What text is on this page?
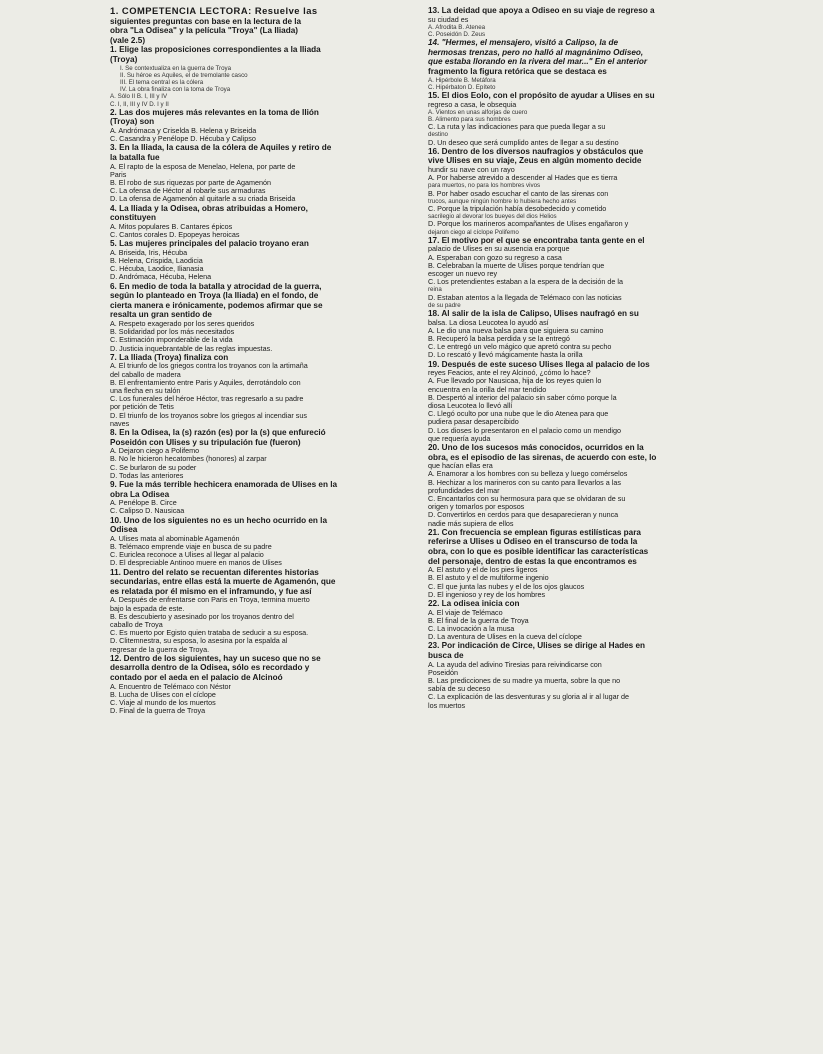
1. COMPETENCIA LECTORA: Resuelve las
siguientes preguntas con base en la lectura de la
obra "La Odisea" y la película "Troya" (La Iliada)
(vale 2.5)
1. Elige las proposiciones correspondientes a la Iliada
(Troya)
I. Se contextualiza en la guerra de Troya
II. Su héroe es Aquiles, el de tremolante casco
III. El tema central es la cólera
IV. La obra finaliza con la toma de Troya
A. Sólo II B. I, III y IV
C. I, II, III y IV D. I y II
2. Las dos mujeres más relevantes en la toma de Ilión
(Troya) son
A. Andrómaca y Criselda B. Helena y Briseida
C. Casandra y Penélope D. Hécuba y Calipso
3. En la Iliada, la causa de la cólera de Aquiles y retiro de
la batalla fue
A. El rapto de la esposa de Menelao, Helena, por parte de
Paris
B. El robo de sus riquezas por parte de Agamenón
C. La ofensa de Héctor al robarle sus armaduras
D. La ofensa de Agamenón al quitarle a su criada Briseida
4. La Iliada y la Odisea, obras atribuidas a Homero,
constituyen
A. Mitos populares B. Cantares épicos
C. Cantos corales D. Epopeyas heroicas
5. Las mujeres principales del palacio troyano eran
A. Briseida, Iris, Hécuba
B. Helena, Crispida, Laodicia
C. Hécuba, Laodice, Ilianasia
D. Andrómaca, Hécuba, Helena
6. En medio de toda la batalla y atrocidad de la guerra,
según lo planteado en Troya (la Iliada) en el fondo, de
cierta manera e irónicamente, podemos afirmar que se
resalta un gran sentido de
A. Respeto exagerado por los seres queridos
B. Solidaridad por los más necesitados
C. Estimación imponderable de la vida
D. Justicia inquebrantable de las reglas impuestas.
7. La Iliada (Troya) finaliza con
A. El triunfo de los griegos contra los troyanos con la artimaña
del caballo de madera
B. El enfrentamiento entre Paris y Aquiles, derrotándolo con
una flecha en su talón
C. Los funerales del héroe Héctor, tras regresarlo a su padre
por petición de Tetis
D. El triunfo de los troyanos sobre los griegos al incendiar sus
naves
8. En la Odisea, la (s) razón (es) por la (s) que enfureció
Poseidón con Ulises y su tripulación fue (fueron)
A. Dejaron ciego a Polifemo
B. No le hicieron hecatombes (honores) al zarpar
C. Se burlaron de su poder
D. Todas las anteriores
9. Fue la más terrible hechicera enamorada de Ulises en la
obra La Odisea
A. Penélope B. Circe
C. Calipso D. Nausicaa
10. Uno de los siguientes no es un hecho ocurrido en la
Odisea
A. Ulises mata al abominable Agamenón
B. Telémaco emprende viaje en busca de su padre
C. Euriclea reconoce a Ulises al llegar al palacio
D. El despreciable Antinoo muere en manos de Ulises
11. Dentro del relato se recuentan diferentes historias
secundarias, entre ellas está la muerte de Agamenón, que
es relatada por él mismo en el inframundo, y fue así
A. Después de enfrentarse con Paris en Troya, termina muerto
bajo la espada de este.
B. Es descubierto y asesinado por los troyanos dentro del
caballo de Troya
C. Es muerto por Egisto quien trataba de seducir a su esposa.
D. Clitemnestra, su esposa, lo asesina por la espalda al
regresar de la guerra de Troya.
12. Dentro de los siguientes, hay un suceso que no se
desarrolla dentro de la Odisea, sólo es recordado y
contado por el aeda en el palacio de Alcinoó
A. Encuentro de Telémaco con Néstor
B. Lucha de Ulises con el cíclope
C. Viaje al mundo de los muertos
D. Final de la guerra de Troya
13. La deidad que apoya a Odiseo en su viaje de regreso a
su ciudad es
A. Afrodita B. Atenea
C. Poseidón D. Zeus
14. "Hermes, el mensajero, visitó a Calipso, la de
hermosas trenzas, pero no halló al magnánimo Odiseo,
que estaba llorando en la rivera del mar..." En el anterior
fragmento la figura retórica que se destaca es
A. Hipérbole B. Metáfora
C. Hipérbaton D. Epíteto
15. El dios Eolo, con el propósito de ayudar a Ulises en su
regreso a casa, le obsequia
A. Vientos en unas alforjas de cuero
B. Alimento para sus hombres
C. La ruta y las indicaciones para que pueda llegar a su
destino
D. Un deseo que será cumplido antes de llegar a su destino
16. Dentro de los diversos naufragios y obstáculos que
vive Ulises en su viaje, Zeus en algún momento decide
hundir su nave con un rayo
A. Por haberse atrevido a descender al Hades que es tierra
para muertos, no para los hombres vivos
B. Por haber osado escuchar el canto de las sirenas con
trucos, aunque ningún hombre lo hubiera hecho antes
C. Porque la tripulación había desobedecido y cometido
sacrilegio al devorar los bueyes del dios Helios
D. Porque los marineros acompañantes de Ulises engañaron y
dejaron ciego al cíclope Polifemo
17. El motivo por el que se encontraba tanta gente en el
palacio de Ulises en su ausencia era porque
A. Esperaban con gozo su regreso a casa
B. Celebraban la muerte de Ulises porque tendrían que
escoger un nuevo rey
C. Los pretendientes estaban a la espera de la decisión de la
reina
D. Estaban atentos a la llegada de Telémaco con las noticias
de su padre
18. Al salir de la isla de Calipso, Ulises naufragó en su
balsa. La diosa Leucotea lo ayudó así
A. Le dio una nueva balsa para que siguiera su camino
B. Recuperó la balsa perdida y se la entregó
C. Le entregó un velo mágico que apretó contra su pecho
D. Lo rescató y llevó mágicamente hasta la orilla
19. Después de este suceso Ulises llega al palacio de los
reyes Feacios, ante el rey Alcinoó, ¿cómo lo hace?
A. Fue llevado por Nausicaa, hija de los reyes quien lo
encuentra en la orilla del mar tendido
B. Despertó al interior del palacio sin saber cómo porque la
diosa Leucotea lo llevó allí
C. Llegó oculto por una nube que le dio Atenea para que
pudiera pasar desapercibido
D. Los dioses lo presentaron en el palacio como un mendigo
que requería ayuda
20. Uno de los sucesos más conocidos, ocurridos en la
obra, es el episodio de las sirenas, de acuerdo con este, lo
que hacían ellas era
A. Enamorar a los hombres con su belleza y luego comérselos
B. Hechizar a los marineros con su canto para llevarlos a las
profundidades del mar
C. Encantarlos con su hermosura para que se olvidaran de su
origen y tomarlos por esposos
D. Convertirlos en cerdos para que desaparecieran y nunca
nadie más supiera de ellos
21. Con frecuencia se emplean figuras estilísticas para
referirse a Ulises u Odiseo en el transcurso de toda la
obra, con lo que es posible identificar las características
del personaje, dentro de estas la que encontramos es
A. El astuto y el de los pies ligeros
B. El astuto y el de multiforme ingenio
C. El que junta las nubes y el de los ojos glaucos
D. El ingenioso y rey de los hombres
22. La odisea inicia con
A. El viaje de Telémaco
B. El final de la guerra de Troya
C. La invocación a la musa
D. La aventura de Ulises en la cueva del cíclope
23. Por indicación de Circe, Ulises se dirige al Hades en
busca de
A. La ayuda del adivino Tiresias para reivindicarse con
Poseidón
B. Las predicciones de su madre ya muerta, sobre la que no
sabía de su deceso
C. La explicación de las desventuras y su gloria al ir al lugar de
los muertos
